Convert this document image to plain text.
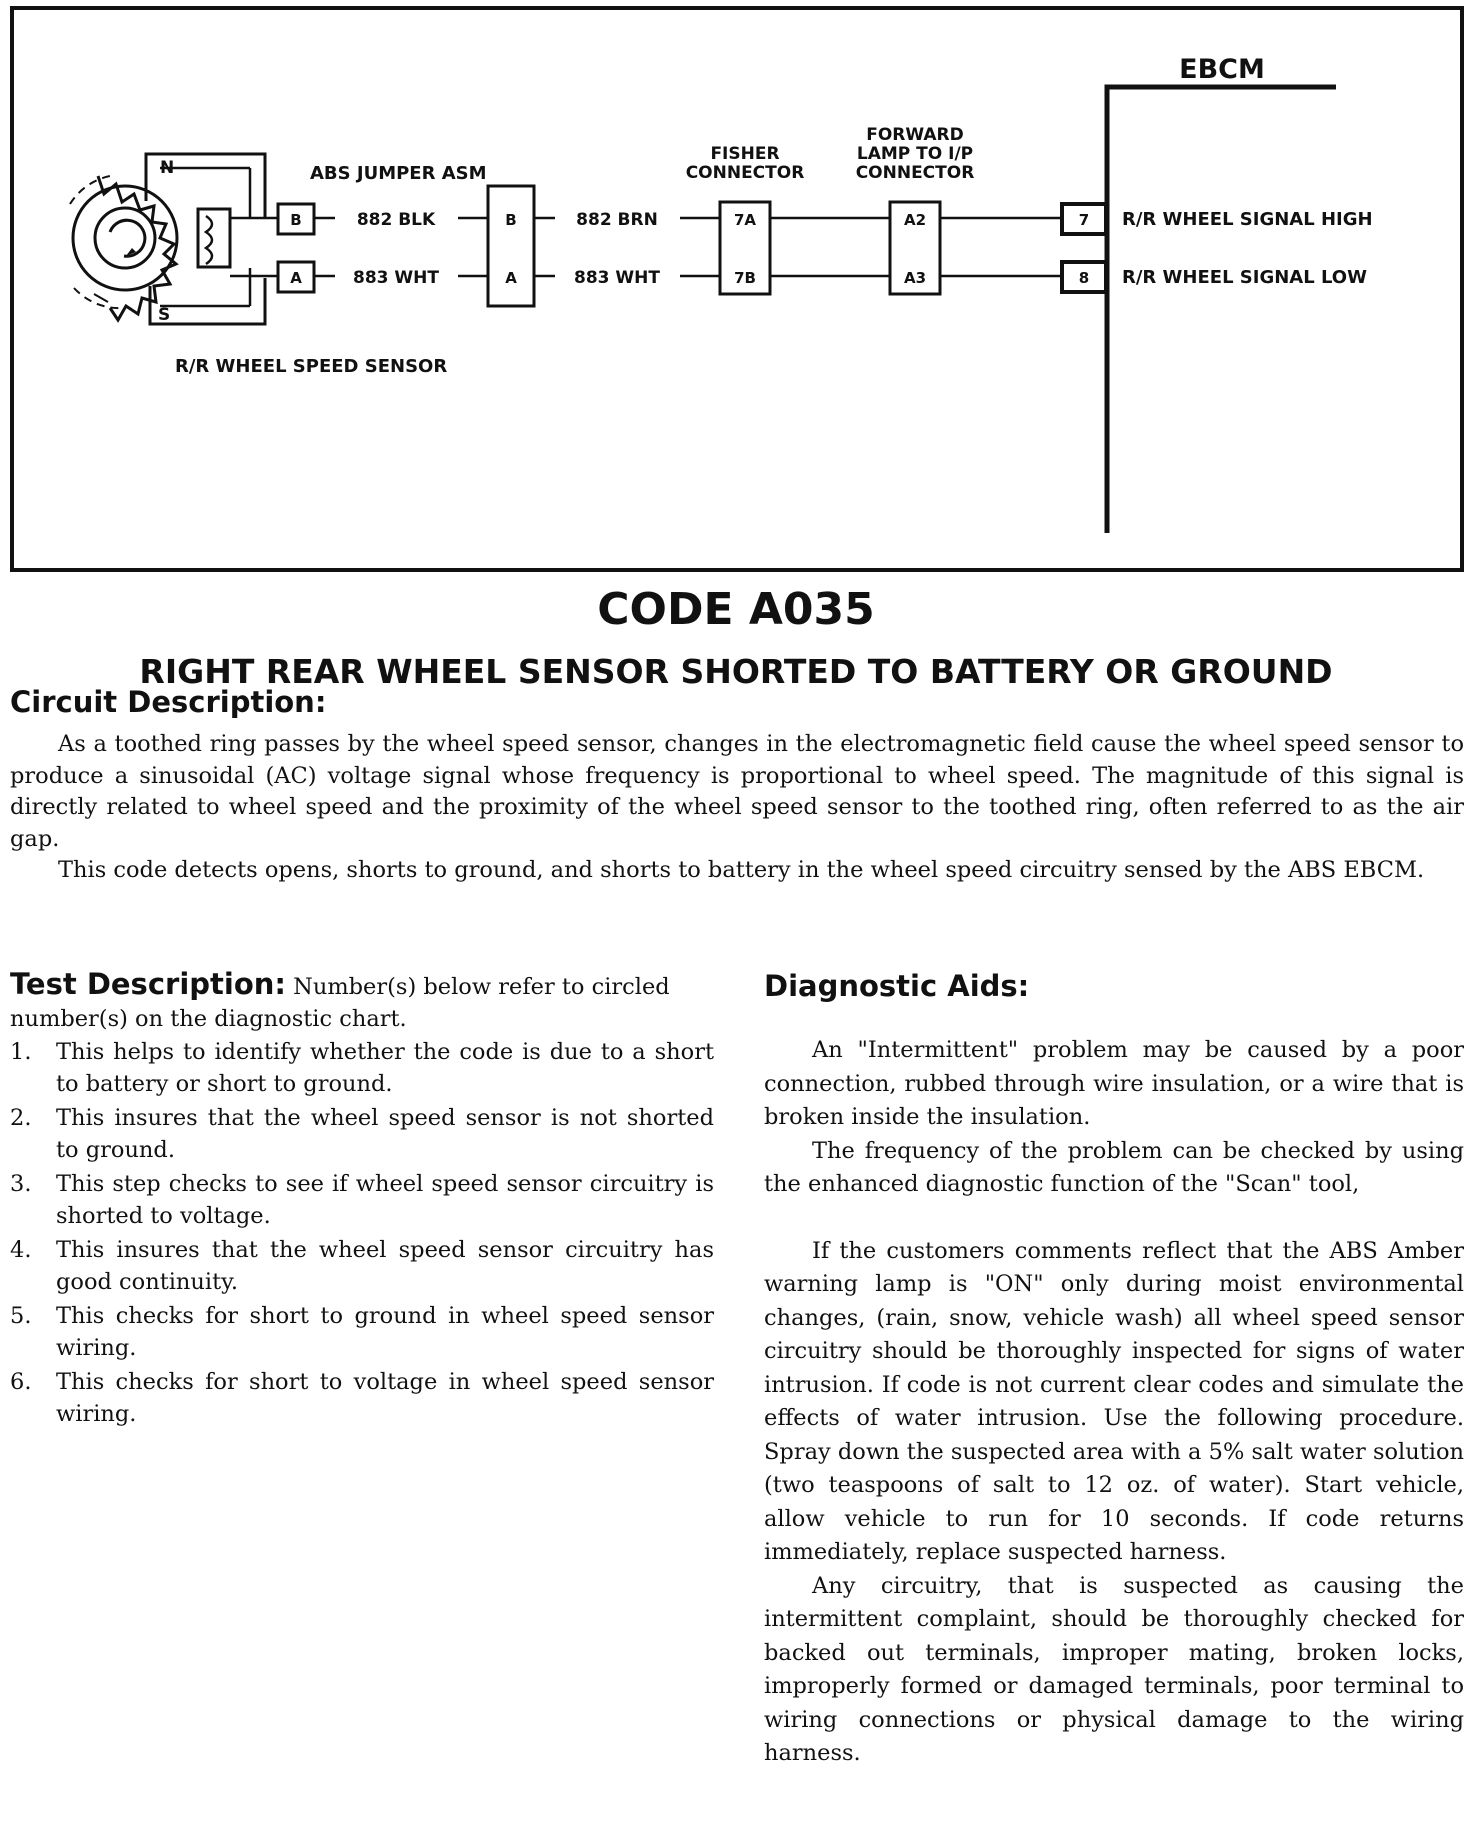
EBCM
N
S
R/R WHEEL SPEED SENSOR
B
A
ABS JUMPER ASM
882 BLK
883 WHT
882 BRN
883 WHT
B
A
FISHER
CONNECTOR
7A
7B
FORWARD
LAMP TO I/P
CONNECTOR
A2
A3
7
8
R/R WHEEL SIGNAL HIGH
R/R WHEEL SIGNAL LOW
CODE A035
RIGHT REAR WHEEL SENSOR SHORTED TO BATTERY OR GROUND
Circuit Description:

As a toothed ring passes by the wheel speed sensor, changes in the electromagnetic field cause the wheel speed sensor to produce a sinusoidal (AC) voltage signal whose frequency is proportional to wheel speed. The magnitude of this signal is directly related to wheel speed and the proximity of the wheel speed sensor to the toothed ring, often referred to as the air gap.

This code detects opens, shorts to ground, and shorts to battery in the wheel speed circuitry sensed by the ABS EBCM.

Test Description: Number(s) below refer to circled number(s) on the diagnostic chart.

1. This helps to identify whether the code is due to a short to battery or short to ground.
2. This insures that the wheel speed sensor is not shorted to ground.
3. This step checks to see if wheel speed sensor circuitry is shorted to voltage.
4. This insures that the wheel speed sensor circuitry has good continuity.
5. This checks for short to ground in wheel speed sensor wiring.
6. This checks for short to voltage in wheel speed sensor wiring.
Diagnostic Aids:

An "Intermittent" problem may be caused by a poor connection, rubbed through wire insulation, or a wire that is broken inside the insulation.

The frequency of the problem can be checked by using the enhanced diagnostic function of the "Scan" tool,

If the customers comments reflect that the ABS Amber warning lamp is "ON" only during moist environmental changes, (rain, snow, vehicle wash) all wheel speed sensor circuitry should be thoroughly inspected for signs of water intrusion. If code is not current clear codes and simulate the effects of water intrusion. Use the following procedure. Spray down the suspected area with a 5% salt water solution (two teaspoons of salt to 12 oz. of water). Start vehicle, allow vehicle to run for 10 seconds. If code returns immediately, replace suspected harness.

Any circuitry, that is suspected as causing the intermittent complaint, should be thoroughly checked for backed out terminals, improper mating, broken locks, improperly formed or damaged terminals, poor terminal to wiring connections or physical damage to the wiring harness.
